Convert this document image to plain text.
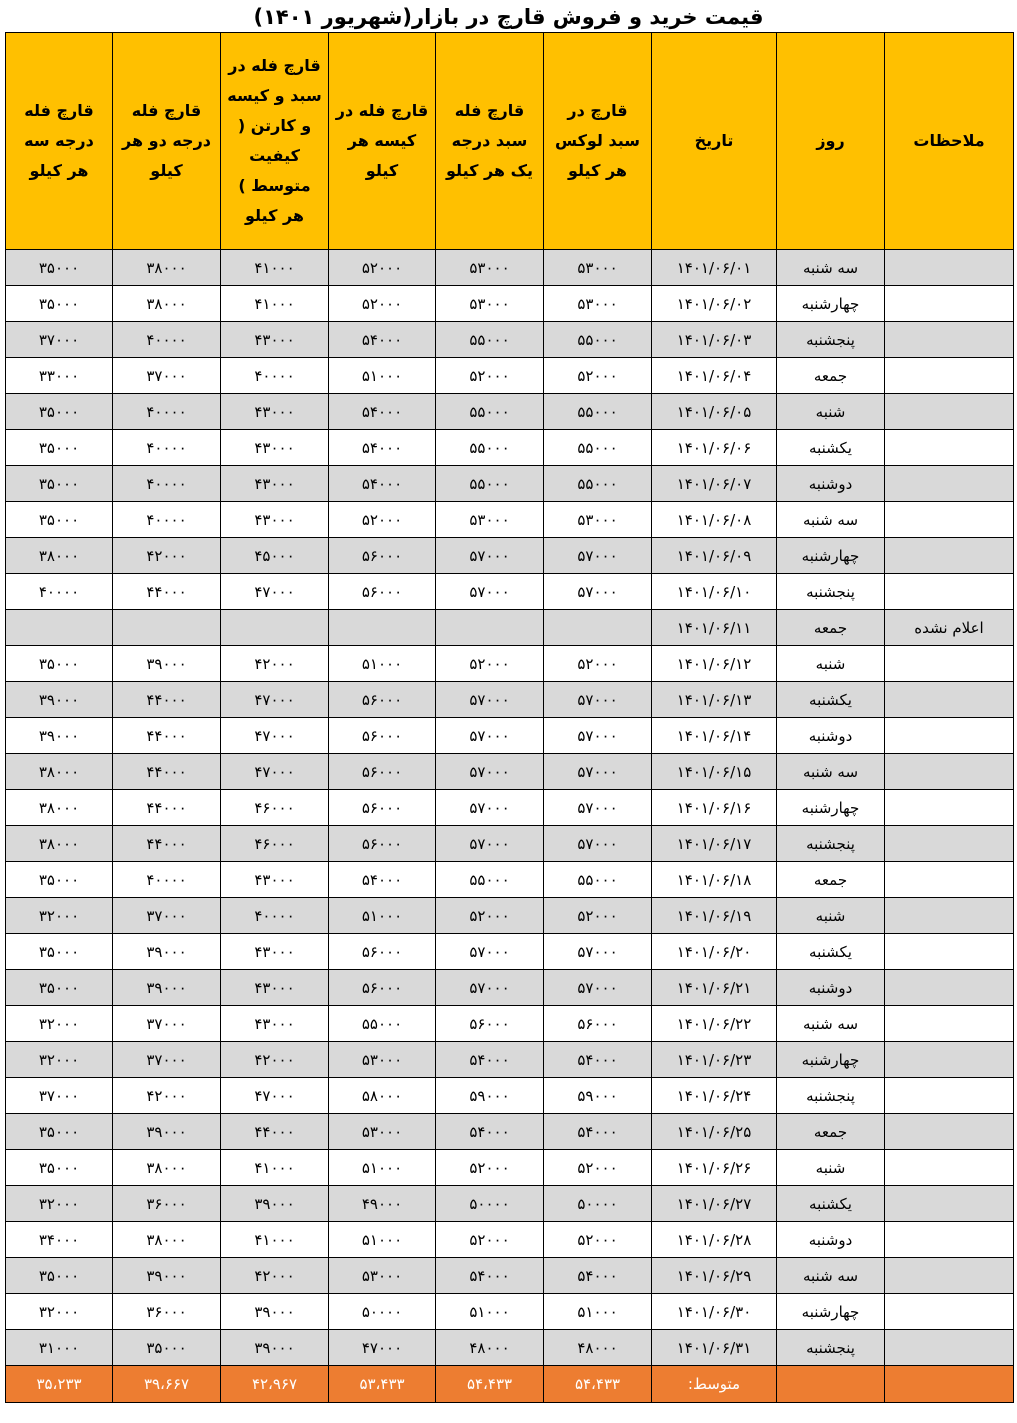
قیمت خرید و فروش قارچ در بازار(شهریور ۱۴۰۱)
قارچ فله درجه سه هر کیلو	قارچ فله درجه دو هر کیلو	قارچ فله در سبد و کیسه و کارتن ( کیفیت متوسط ) هر کیلو	قارچ فله در کیسه هر کیلو	قارچ فله سبد درجه یک هر کیلو	قارچ در سبد لوکس هر کیلو	تاریخ	روز	ملاحظات

۳۵۰۰۰	۳۸۰۰۰	۴۱۰۰۰	۵۲۰۰۰	۵۳۰۰۰	۵۳۰۰۰	۱۴۰۱/۰۶/۰۱	سه شنبه	
۳۵۰۰۰	۳۸۰۰۰	۴۱۰۰۰	۵۲۰۰۰	۵۳۰۰۰	۵۳۰۰۰	۱۴۰۱/۰۶/۰۲	چهارشنبه	
۳۷۰۰۰	۴۰۰۰۰	۴۳۰۰۰	۵۴۰۰۰	۵۵۰۰۰	۵۵۰۰۰	۱۴۰۱/۰۶/۰۳	پنجشنبه	
۳۳۰۰۰	۳۷۰۰۰	۴۰۰۰۰	۵۱۰۰۰	۵۲۰۰۰	۵۲۰۰۰	۱۴۰۱/۰۶/۰۴	جمعه	
۳۵۰۰۰	۴۰۰۰۰	۴۳۰۰۰	۵۴۰۰۰	۵۵۰۰۰	۵۵۰۰۰	۱۴۰۱/۰۶/۰۵	شنبه	
۳۵۰۰۰	۴۰۰۰۰	۴۳۰۰۰	۵۴۰۰۰	۵۵۰۰۰	۵۵۰۰۰	۱۴۰۱/۰۶/۰۶	یکشنبه	
۳۵۰۰۰	۴۰۰۰۰	۴۳۰۰۰	۵۴۰۰۰	۵۵۰۰۰	۵۵۰۰۰	۱۴۰۱/۰۶/۰۷	دوشنبه	
۳۵۰۰۰	۴۰۰۰۰	۴۳۰۰۰	۵۲۰۰۰	۵۳۰۰۰	۵۳۰۰۰	۱۴۰۱/۰۶/۰۸	سه شنبه	
۳۸۰۰۰	۴۲۰۰۰	۴۵۰۰۰	۵۶۰۰۰	۵۷۰۰۰	۵۷۰۰۰	۱۴۰۱/۰۶/۰۹	چهارشنبه	
۴۰۰۰۰	۴۴۰۰۰	۴۷۰۰۰	۵۶۰۰۰	۵۷۰۰۰	۵۷۰۰۰	۱۴۰۱/۰۶/۱۰	پنجشنبه	
						۱۴۰۱/۰۶/۱۱	جمعه	اعلام نشده
۳۵۰۰۰	۳۹۰۰۰	۴۲۰۰۰	۵۱۰۰۰	۵۲۰۰۰	۵۲۰۰۰	۱۴۰۱/۰۶/۱۲	شنبه	
۳۹۰۰۰	۴۴۰۰۰	۴۷۰۰۰	۵۶۰۰۰	۵۷۰۰۰	۵۷۰۰۰	۱۴۰۱/۰۶/۱۳	یکشنبه	
۳۹۰۰۰	۴۴۰۰۰	۴۷۰۰۰	۵۶۰۰۰	۵۷۰۰۰	۵۷۰۰۰	۱۴۰۱/۰۶/۱۴	دوشنبه	
۳۸۰۰۰	۴۴۰۰۰	۴۷۰۰۰	۵۶۰۰۰	۵۷۰۰۰	۵۷۰۰۰	۱۴۰۱/۰۶/۱۵	سه شنبه	
۳۸۰۰۰	۴۴۰۰۰	۴۶۰۰۰	۵۶۰۰۰	۵۷۰۰۰	۵۷۰۰۰	۱۴۰۱/۰۶/۱۶	چهارشنبه	
۳۸۰۰۰	۴۴۰۰۰	۴۶۰۰۰	۵۶۰۰۰	۵۷۰۰۰	۵۷۰۰۰	۱۴۰۱/۰۶/۱۷	پنجشنبه	
۳۵۰۰۰	۴۰۰۰۰	۴۳۰۰۰	۵۴۰۰۰	۵۵۰۰۰	۵۵۰۰۰	۱۴۰۱/۰۶/۱۸	جمعه	
۳۲۰۰۰	۳۷۰۰۰	۴۰۰۰۰	۵۱۰۰۰	۵۲۰۰۰	۵۲۰۰۰	۱۴۰۱/۰۶/۱۹	شنبه	
۳۵۰۰۰	۳۹۰۰۰	۴۳۰۰۰	۵۶۰۰۰	۵۷۰۰۰	۵۷۰۰۰	۱۴۰۱/۰۶/۲۰	یکشنبه	
۳۵۰۰۰	۳۹۰۰۰	۴۳۰۰۰	۵۶۰۰۰	۵۷۰۰۰	۵۷۰۰۰	۱۴۰۱/۰۶/۲۱	دوشنبه	
۳۲۰۰۰	۳۷۰۰۰	۴۳۰۰۰	۵۵۰۰۰	۵۶۰۰۰	۵۶۰۰۰	۱۴۰۱/۰۶/۲۲	سه شنبه	
۳۲۰۰۰	۳۷۰۰۰	۴۲۰۰۰	۵۳۰۰۰	۵۴۰۰۰	۵۴۰۰۰	۱۴۰۱/۰۶/۲۳	چهارشنبه	
۳۷۰۰۰	۴۲۰۰۰	۴۷۰۰۰	۵۸۰۰۰	۵۹۰۰۰	۵۹۰۰۰	۱۴۰۱/۰۶/۲۴	پنجشنبه	
۳۵۰۰۰	۳۹۰۰۰	۴۴۰۰۰	۵۳۰۰۰	۵۴۰۰۰	۵۴۰۰۰	۱۴۰۱/۰۶/۲۵	جمعه	
۳۵۰۰۰	۳۸۰۰۰	۴۱۰۰۰	۵۱۰۰۰	۵۲۰۰۰	۵۲۰۰۰	۱۴۰۱/۰۶/۲۶	شنبه	
۳۲۰۰۰	۳۶۰۰۰	۳۹۰۰۰	۴۹۰۰۰	۵۰۰۰۰	۵۰۰۰۰	۱۴۰۱/۰۶/۲۷	یکشنبه	
۳۴۰۰۰	۳۸۰۰۰	۴۱۰۰۰	۵۱۰۰۰	۵۲۰۰۰	۵۲۰۰۰	۱۴۰۱/۰۶/۲۸	دوشنبه	
۳۵۰۰۰	۳۹۰۰۰	۴۲۰۰۰	۵۳۰۰۰	۵۴۰۰۰	۵۴۰۰۰	۱۴۰۱/۰۶/۲۹	سه شنبه	
۳۲۰۰۰	۳۶۰۰۰	۳۹۰۰۰	۵۰۰۰۰	۵۱۰۰۰	۵۱۰۰۰	۱۴۰۱/۰۶/۳۰	چهارشنبه	
۳۱۰۰۰	۳۵۰۰۰	۳۹۰۰۰	۴۷۰۰۰	۴۸۰۰۰	۴۸۰۰۰	۱۴۰۱/۰۶/۳۱	پنجشنبه	
۳۵،۲۳۳	۳۹،۶۶۷	۴۲،۹۶۷	۵۳،۴۳۳	۵۴،۴۳۳	۵۴،۴۳۳	متوسط:		
